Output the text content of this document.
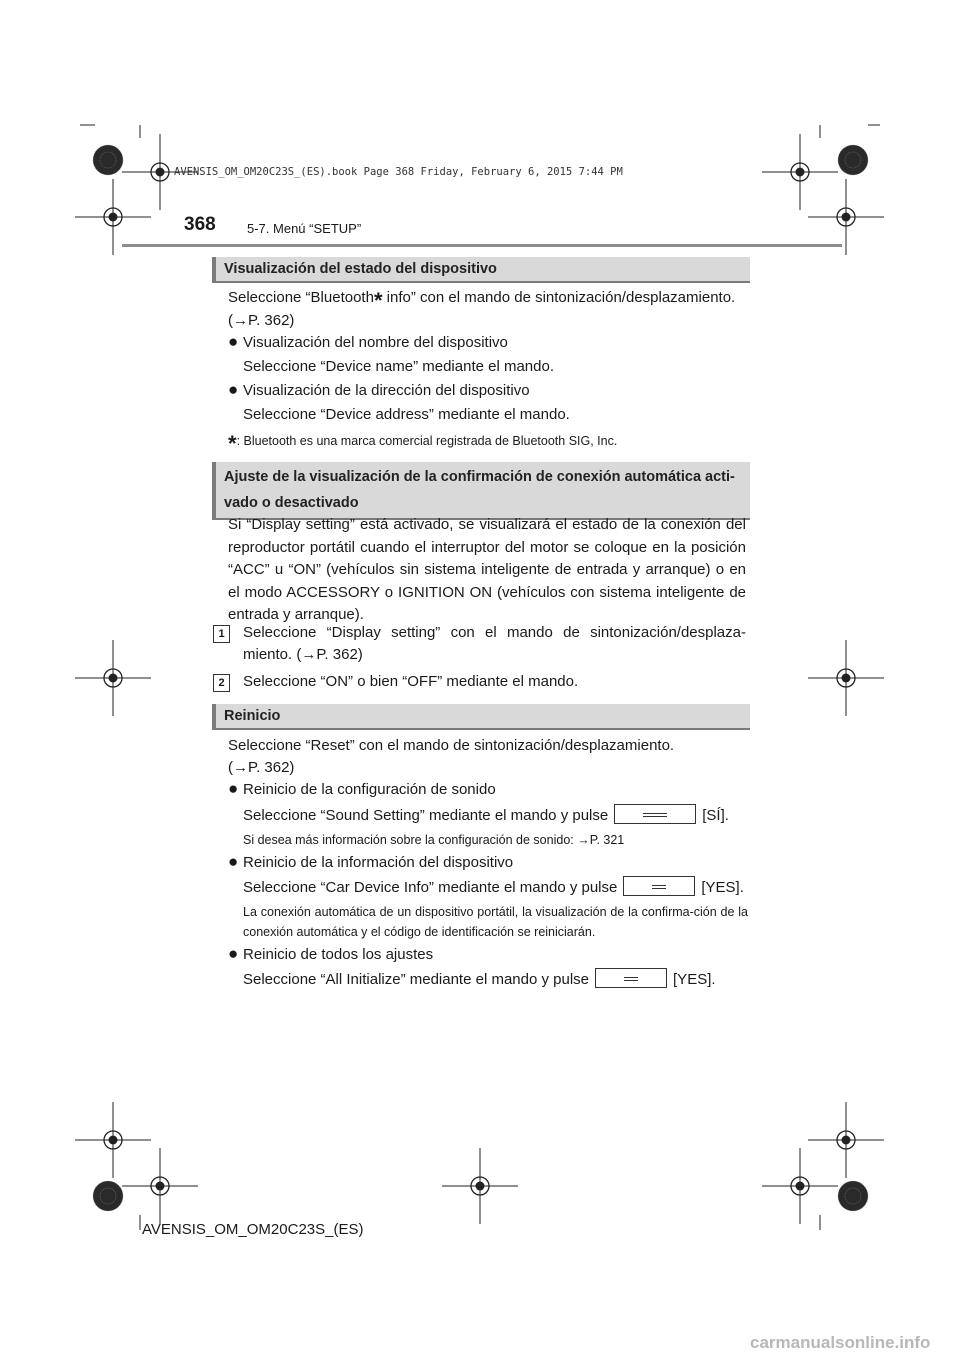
AVENSIS_OM_OM20C23S_(ES).book Page 368 Friday, February 6, 2015 7:44 PM
368 5-7. Menú “SETUP”
Visualización del estado del dispositivo
Seleccione “Bluetooth* info” con el mando de sintonización/desplazamiento.
(→P. 362)
● Visualización del nombre del dispositivo
Seleccione “Device name” mediante el mando.
● Visualización de la dirección del dispositivo
Seleccione “Device address” mediante el mando.
*: Bluetooth es una marca comercial registrada de Bluetooth SIG, Inc.
Ajuste de la visualización de la confirmación de conexión automática acti-
vado o desactivado
Si “Display setting” está activado, se visualizará el estado de la conexión del reproductor portátil cuando el interruptor del motor se coloque en la posición “ACC” u “ON” (vehículos sin sistema inteligente de entrada y arranque) o en el modo ACCESSORY o IGNITION ON (vehículos con sistema inteligente de entrada y arranque).
1	Seleccione “Display setting” con el mando de sintonización/desplaza-miento. (→P. 362)
2	Seleccione “ON” o bien “OFF” mediante el mando.
Reinicio
Seleccione “Reset” con el mando de sintonización/desplazamiento.
(→P. 362)
● Reinicio de la configuración de sonido
Seleccione “Sound Setting” mediante el mando y pulse	[SÍ].
Si desea más información sobre la configuración de sonido: →P. 321
● Reinicio de la información del dispositivo
Seleccione “Car Device Info” mediante el mando y pulse	[YES].
La conexión automática de un dispositivo portátil, la visualización de la confirma-ción de la conexión automática y el código de identificación se reiniciarán.
● Reinicio de todos los ajustes
Seleccione “All Initialize” mediante el mando y pulse	[YES].
AVENSIS_OM_OM20C23S_(ES)
carmanualsonline.info
